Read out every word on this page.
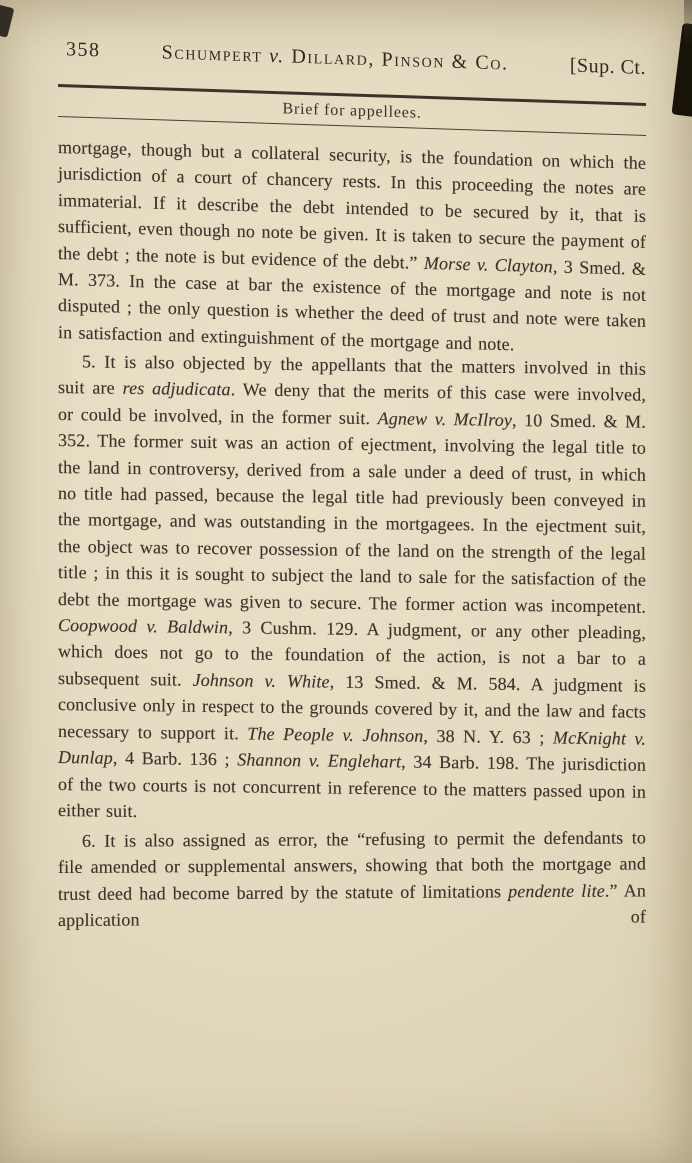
358	Schumpert v. Dillard, Pinson & Co.	[Sup. Ct.
Brief for appellees.

mortgage, though but a collateral security, is the foundation on which the jurisdiction of a court of chancery rests. In this proceeding the notes are immaterial. If it describe the debt intended to be secured by it, that is sufficient, even though no note be given. It is taken to secure the payment of the debt ; the note is but evidence of the debt.” Morse v. Clayton, 3 Smed. & M. 373. In the case at bar the existence of the mortgage and note is not disputed ; the only question is whether the deed of trust and note were taken in satisfaction and extinguishment of the mortgage and note.

5. It is also objected by the appellants that the matters involved in this suit are res adjudicata. We deny that the merits of this case were involved, or could be involved, in the former suit. Agnew v. McIlroy, 10 Smed. & M. 352. The former suit was an action of ejectment, involving the legal title to the land in controversy, derived from a sale under a deed of trust, in which no title had passed, because the legal title had previously been conveyed in the mortgage, and was outstanding in the mortgagees. In the ejectment suit, the object was to recover possession of the land on the strength of the legal title ; in this it is sought to subject the land to sale for the satisfaction of the debt the mortgage was given to secure. The former action was incompetent. Coopwood v. Baldwin, 3 Cushm. 129. A judgment, or any other pleading, which does not go to the foundation of the action, is not a bar to a subsequent suit. Johnson v. White, 13 Smed. & M. 584. A judgment is conclusive only in respect to the grounds covered by it, and the law and facts necessary to support it. The People v. Johnson, 38 N. Y. 63 ; McKnight v. Dunlap, 4 Barb. 136 ; Shannon v. Englehart, 34 Barb. 198. The jurisdiction of the two courts is not concurrent in reference to the matters passed upon in either suit.

6. It is also assigned as error, the “refusing to permit the defendants to file amended or supplemental answers, showing that both the mortgage and trust deed had become barred by the statute of limitations pendente lite.” An application of
